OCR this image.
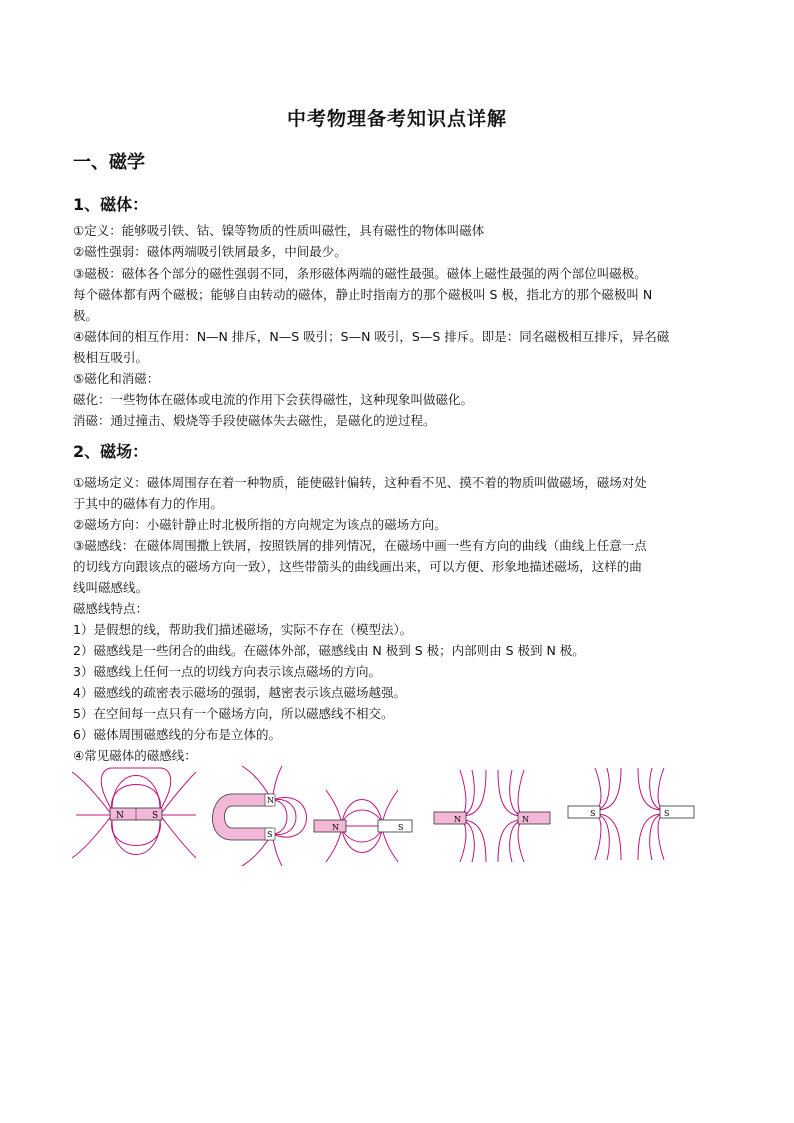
中考物理备考知识点详解
一、磁学
1、磁体：
①定义：能够吸引铁、钴、镍等物质的性质叫磁性，具有磁性的物体叫磁体
②磁性强弱：磁体两端吸引铁屑最多，中间最少。
③磁极：磁体各个部分的磁性强弱不同，条形磁体两端的磁性最强。磁体上磁性最强的两个部位叫磁极。
每个磁体都有两个磁极；能够自由转动的磁体，静止时指南方的那个磁极叫 S 极，指北方的那个磁极叫 N
极。
④磁体间的相互作用：N—N 排斥，N—S 吸引；S—N 吸引，S—S 排斥。即是：同名磁极相互排斥，异名磁
极相互吸引。
⑤磁化和消磁：
磁化：一些物体在磁体或电流的作用下会获得磁性，这种现象叫做磁化。
消磁：通过撞击、煅烧等手段使磁体失去磁性，是磁化的逆过程。
2、磁场：
①磁场定义：磁体周围存在着一种物质，能使磁针偏转，这种看不见、摸不着的物质叫做磁场，磁场对处
于其中的磁体有力的作用。
②磁场方向：小磁针静止时北极所指的方向规定为该点的磁场方向。
③磁感线：在磁体周围撒上铁屑，按照铁屑的排列情况，在磁场中画一些有方向的曲线（曲线上任意一点
的切线方向跟该点的磁场方向一致），这些带箭头的曲线画出来，可以方便、形象地描述磁场，这样的曲
线叫磁感线。
磁感线特点：
1）是假想的线，帮助我们描述磁场，实际不存在（模型法）。
2）磁感线是一些闭合的曲线。在磁体外部，磁感线由 N 极到 S 极；内部则由 S 极到 N 极。
3）磁感线上任何一点的切线方向表示该点磁场的方向。
4）磁感线的疏密表示磁场的强弱，越密表示该点磁场越强。
5）在空间每一点只有一个磁场方向，所以磁感线不相交。
6）磁体周围磁感线的分布是立体的。
④常见磁体的磁感线：
N	S
N
S
N	S
N	N
S	S
